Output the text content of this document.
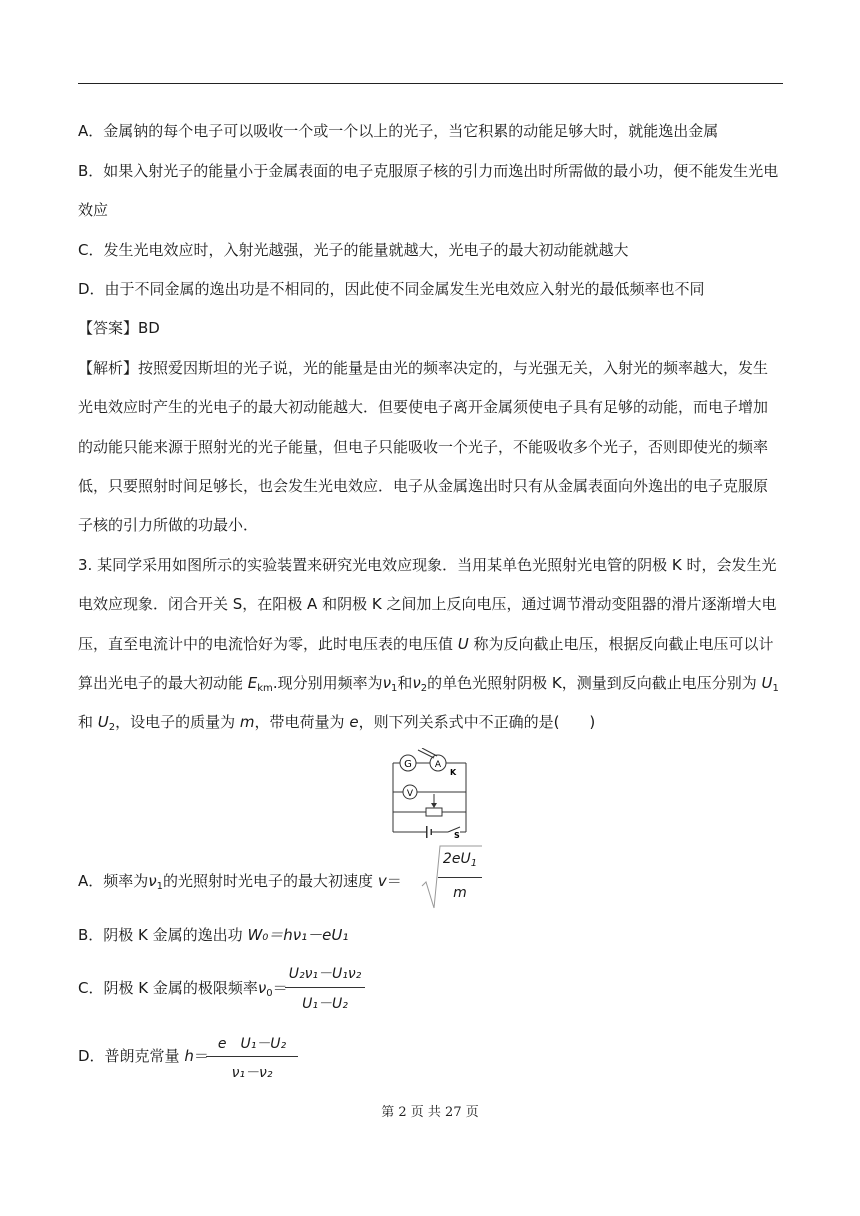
A．金属钠的每个电子可以吸收一个或一个以上的光子，当它积累的动能足够大时，就能逸出金属
B．如果入射光子的能量小于金属表面的电子克服原子核的引力而逸出时所需做的最小功，便不能发生光电
效应
C．发生光电效应时，入射光越强，光子的能量就越大，光电子的最大初动能就越大
D．由于不同金属的逸出功是不相同的，因此使不同金属发生光电效应入射光的最低频率也不同
【答案】BD
【解析】按照爱因斯坦的光子说，光的能量是由光的频率决定的，与光强无关，入射光的频率越大，发生
光电效应时产生的光电子的最大初动能越大．但要使电子离开金属须使电子具有足够的动能，而电子增加
的动能只能来源于照射光的光子能量，但电子只能吸收一个光子，不能吸收多个光子，否则即使光的频率
低，只要照射时间足够长，也会发生光电效应．电子从金属逸出时只有从金属表面向外逸出的电子克服原
子核的引力所做的功最小．
3. 某同学采用如图所示的实验装置来研究光电效应现象．当用某单色光照射光电管的阴极 K 时，会发生光
电效应现象．闭合开关 S，在阳极 A 和阴极 K 之间加上反向电压，通过调节滑动变阻器的滑片逐渐增大电
压，直至电流计中的电流恰好为零，此时电压表的电压值 U 称为反向截止电压，根据反向截止电压可以计
算出光电子的最大初动能 $E_{km}$.现分别用频率为$\nu_1$和$\nu_2$的单色光照射阴极 K，测量到反向截止电压分别为 $U_1$
和 $U_2$，设电子的质量为 m，带电荷量为 e，则下列关系式中不正确的是(　　)
G	A
K
V
S
A．频率为$\nu_1$的光照射时光电子的最大初速度 v＝
$2eU_1$
m
B．阴极 K 金属的逸出功 W₀＝hν₁－eU₁
C．阴极 K 金属的极限频率$\nu_0=$
U₂ν₁－U₁ν₂
U₁－U₂
D．普朗克常量 h＝
e　U₁－U₂
ν₁－ν₂
第 2 页 共 27 页
